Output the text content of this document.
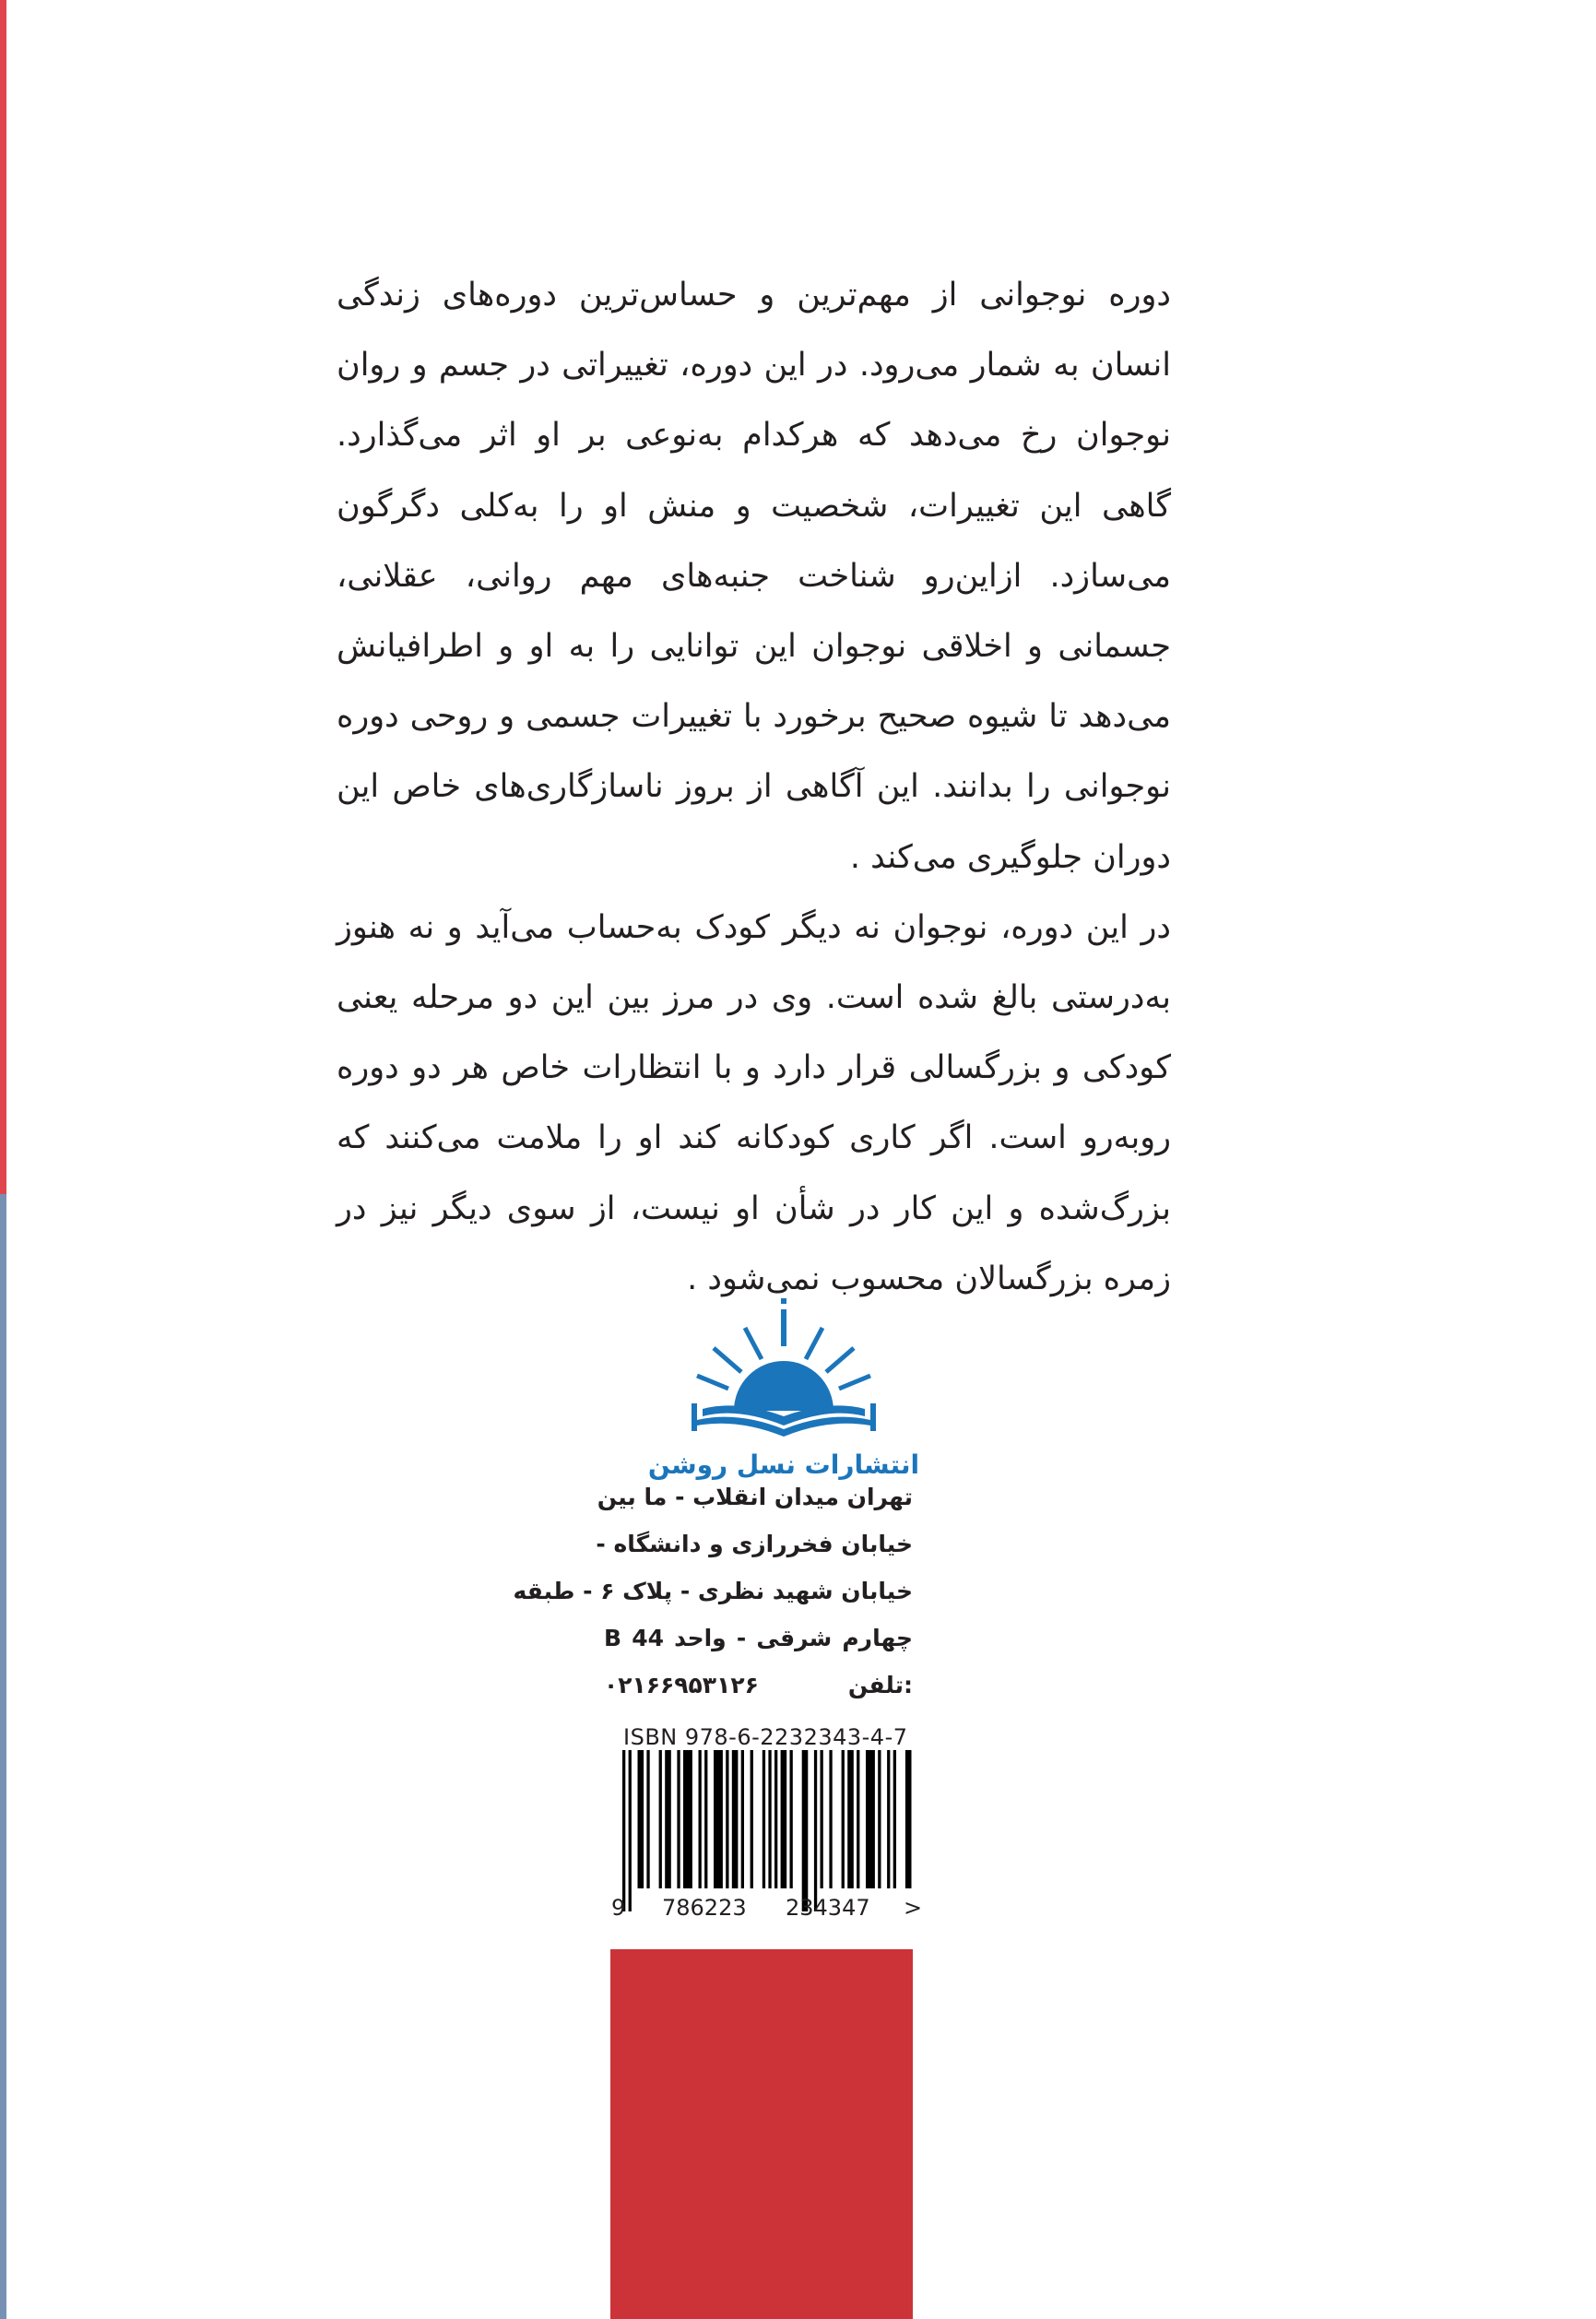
دوره نوجوانی از مهم‌ترین و حساس‌ترین دوره‌های زندگی انسان به شمار می‌رود. در این دوره، تغییراتی در جسم و روان نوجوان رخ می‌دهد که هرکدام به‌نوعی بر او اثر می‌گذارد. گاهی این تغییرات، شخصیت و منش او را به‌کلی دگرگون می‌سازد. ازاین‌رو شناخت جنبه‌های مهم روانی، عقلانی، جسمانی و اخلاقی نوجوان این توانایی را به او و اطرافیانش می‌دهد تا شیوه صحیح برخورد با تغییرات جسمی و روحی دوره نوجوانی را بدانند. این آگاهی از بروز ناسازگاری‌های خاص این دوران جلوگیری می‌کند .

در این دوره، نوجوان نه دیگر کودک به‌حساب می‌آید و نه هنوز به‌درستی بالغ شده است. وی در مرز بین این دو مرحله یعنی کودکی و بزرگسالی قرار دارد و با انتظارات خاص هر دو دوره روبه‌رو است. اگر کاری کودکانه کند او را ملامت می‌کنند که بزرگ‌شده و این کار در شأن او نیست، از سوی دیگر نیز در زمره بزرگسالان محسوب نمی‌شود .

انتشارات نسل روشن
تهران میدان انقلاب - ما بین
خیابان فخررازی و دانشگاه -
خیابان شهید نظری - پلاک ۶ - طبقه
چهارم شرقی - واحد B 44
تلفن:
۰۲۱۶۶۹۵۳۱۲۶
ISBN 978-6-2232343-4-7
9 786223 234347 >
